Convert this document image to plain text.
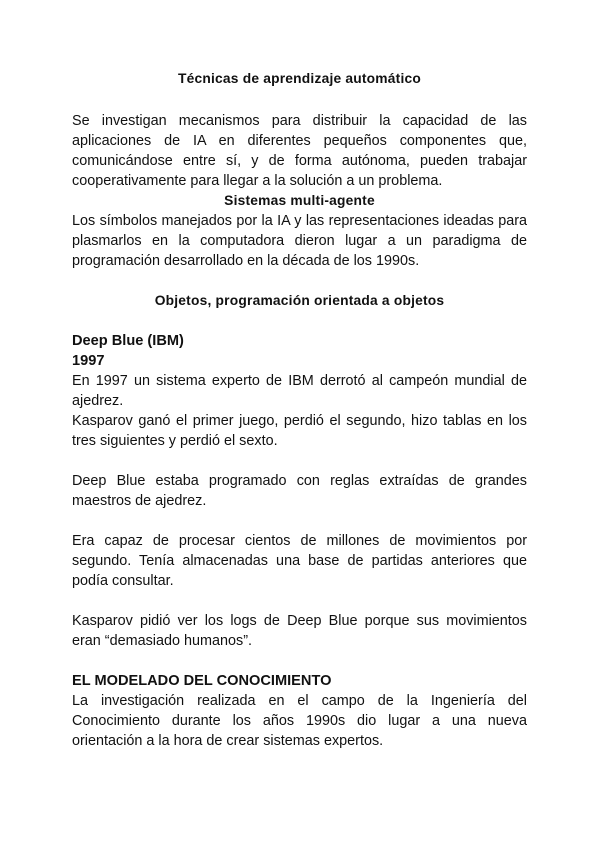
Técnicas de aprendizaje automático

Se investigan mecanismos para distribuir la capacidad de las aplicaciones de IA en diferentes pequeños componentes que, comunicándose entre sí, y de forma autónoma, pueden trabajar cooperativamente para llegar a la solución a un problema.

Sistemas multi-agente

Los símbolos manejados por la IA y las representaciones ideadas para plasmarlos en la computadora dieron lugar a un paradigma de programación desarrollado en la década de los 1990s.

Objetos, programación orientada a objetos

Deep Blue (IBM)

1997

En 1997 un sistema experto de IBM derrotó al campeón mundial de ajedrez.

Kasparov ganó el primer juego, perdió el segundo, hizo tablas en los tres siguientes y perdió el sexto.

Deep Blue estaba programado con reglas extraídas de grandes maestros de ajedrez.

Era capaz de procesar cientos de millones de movimientos por segundo. Tenía almacenadas una base de partidas anteriores que podía consultar.

Kasparov pidió ver los logs de Deep Blue porque sus movimientos eran “demasiado humanos”.

EL MODELADO DEL CONOCIMIENTO

La investigación realizada en el campo de la Ingeniería del Conocimiento durante los años 1990s dio lugar a una nueva orientación a la hora de crear sistemas expertos.
